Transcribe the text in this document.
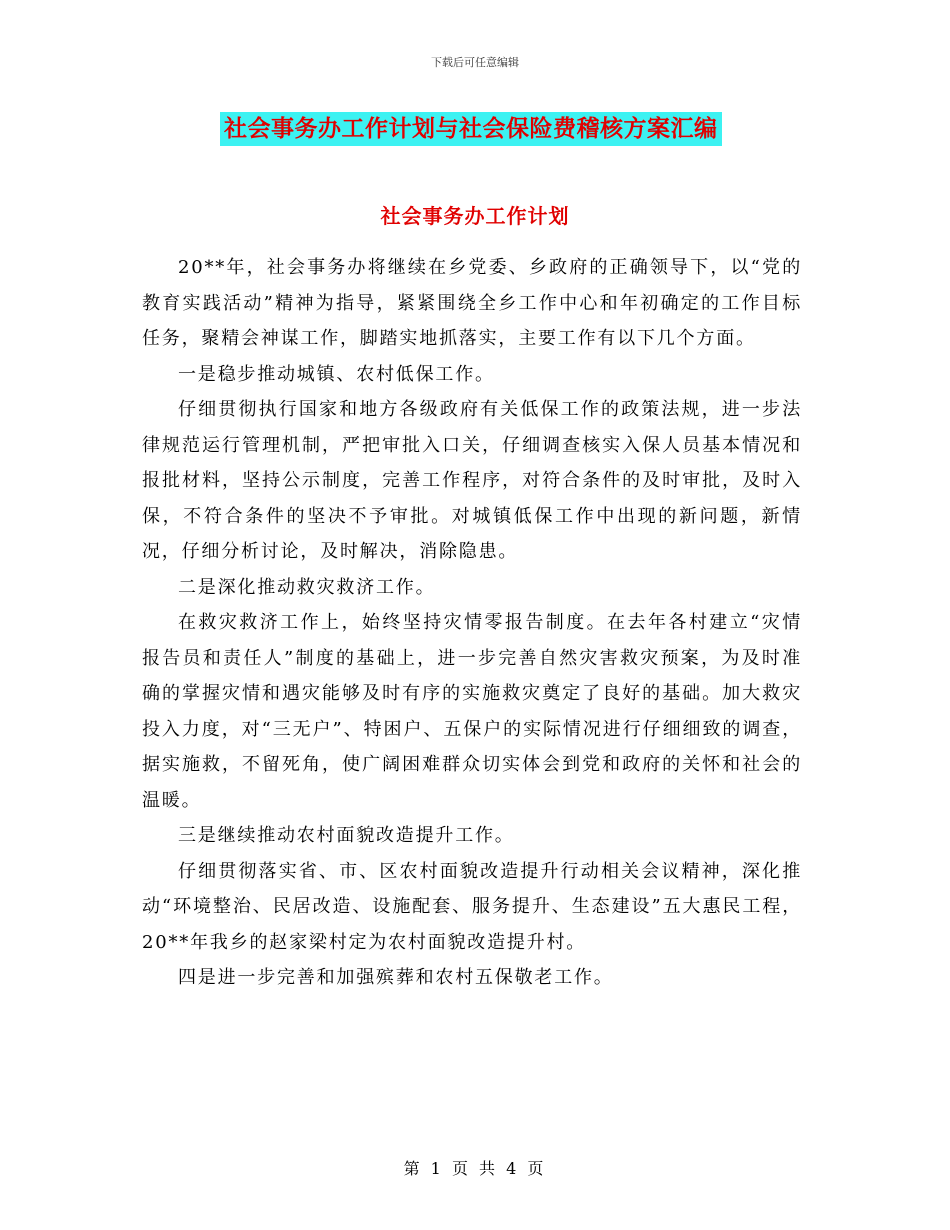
下载后可任意编辑
社会事务办工作计划与社会保险费稽核方案汇编
社会事务办工作计划

20**年，社会事务办将继续在乡党委、乡政府的正确领导下，以“党的教育实践活动”精神为指导，紧紧围绕全乡工作中心和年初确定的工作目标任务，聚精会神谋工作，脚踏实地抓落实，主要工作有以下几个方面。

一是稳步推动城镇、农村低保工作。

仔细贯彻执行国家和地方各级政府有关低保工作的政策法规，进一步法律规范运行管理机制，严把审批入口关，仔细调查核实入保人员基本情况和报批材料，坚持公示制度，完善工作程序，对符合条件的及时审批，及时入保，不符合条件的坚决不予审批。对城镇低保工作中出现的新问题，新情况，仔细分析讨论，及时解决，消除隐患。

二是深化推动救灾救济工作。

在救灾救济工作上，始终坚持灾情零报告制度。在去年各村建立“灾情报告员和责任人”制度的基础上，进一步完善自然灾害救灾预案，为及时准确的掌握灾情和遇灾能够及时有序的实施救灾奠定了良好的基础。加大救灾投入力度，对“三无户”、特困户、五保户的实际情况进行仔细细致的调查，据实施救，不留死角，使广阔困难群众切实体会到党和政府的关怀和社会的温暖。

三是继续推动农村面貌改造提升工作。

仔细贯彻落实省、市、区农村面貌改造提升行动相关会议精神，深化推动“环境整治、民居改造、设施配套、服务提升、生态建设”五大惠民工程，20**年我乡的赵家梁村定为农村面貌改造提升村。

四是进一步完善和加强殡葬和农村五保敬老工作。

第 1 页 共 4 页
